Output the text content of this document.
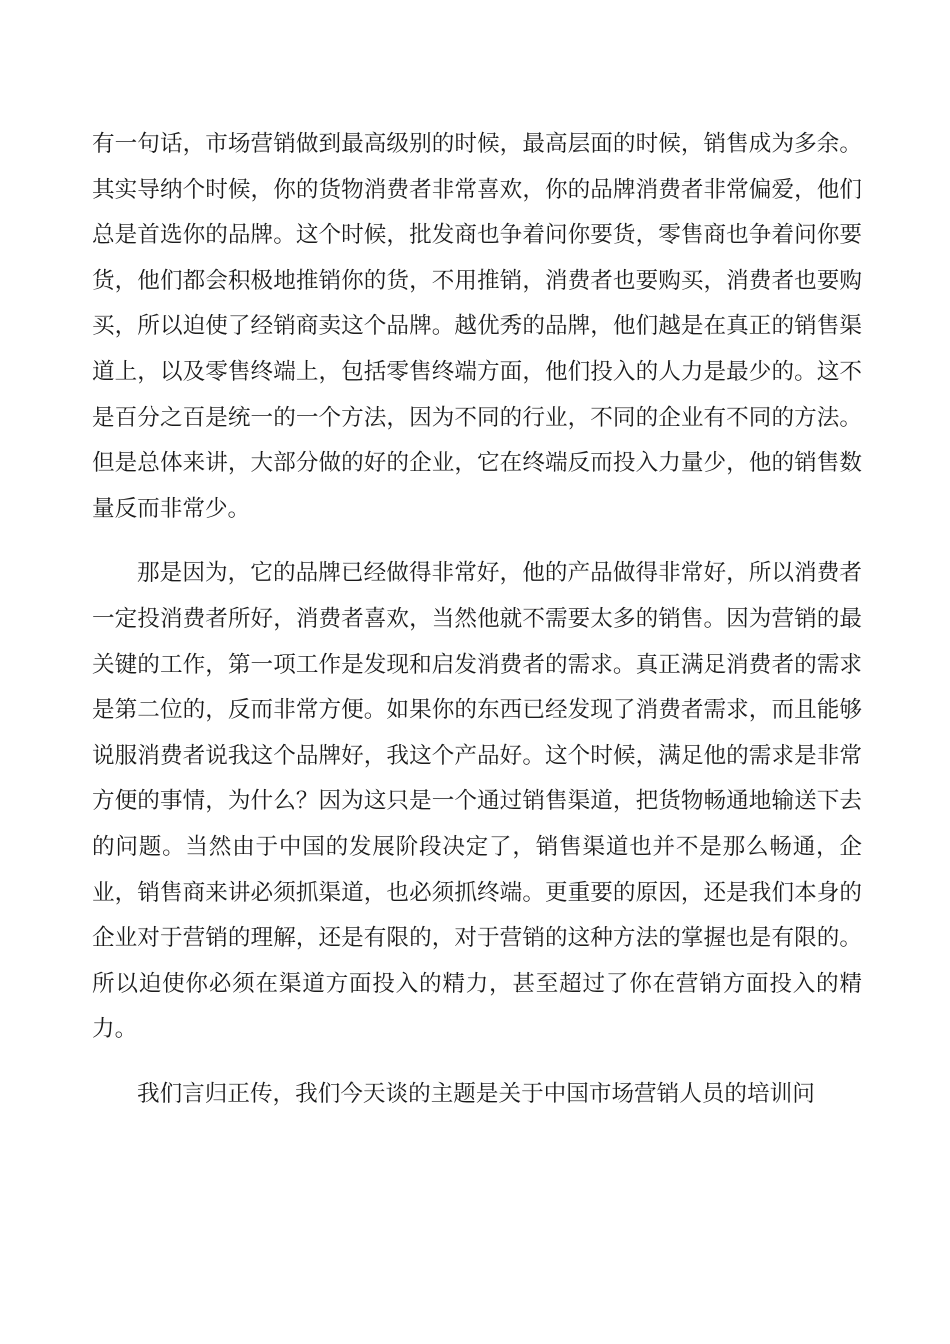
有一句话，市场营销做到最高级别的时候，最高层面的时候，销售成为多余。其实导纳个时候，你的货物消费者非常喜欢，你的品牌消费者非常偏爱，他们总是首选你的品牌。这个时候，批发商也争着问你要货，零售商也争着问你要货，他们都会积极地推销你的货，不用推销，消费者也要购买，消费者也要购买，所以迫使了经销商卖这个品牌。越优秀的品牌，他们越是在真正的销售渠道上，以及零售终端上，包括零售终端方面，他们投入的人力是最少的。这不是百分之百是统一的一个方法，因为不同的行业，不同的企业有不同的方法。但是总体来讲，大部分做的好的企业，它在终端反而投入力量少，他的销售数量反而非常少。

那是因为，它的品牌已经做得非常好，他的产品做得非常好，所以消费者一定投消费者所好，消费者喜欢，当然他就不需要太多的销售。因为营销的最关键的工作，第一项工作是发现和启发消费者的需求。真正满足消费者的需求是第二位的，反而非常方便。如果你的东西已经发现了消费者需求，而且能够说服消费者说我这个品牌好，我这个产品好。这个时候，满足他的需求是非常方便的事情，为什么？因为这只是一个通过销售渠道，把货物畅通地输送下去的问题。当然由于中国的发展阶段决定了，销售渠道也并不是那么畅通，企业，销售商来讲必须抓渠道，也必须抓终端。更重要的原因，还是我们本身的企业对于营销的理解，还是有限的，对于营销的这种方法的掌握也是有限的。所以迫使你必须在渠道方面投入的精力，甚至超过了你在营销方面投入的精力。

我们言归正传，我们今天谈的主题是关于中国市场营销人员的培训问
